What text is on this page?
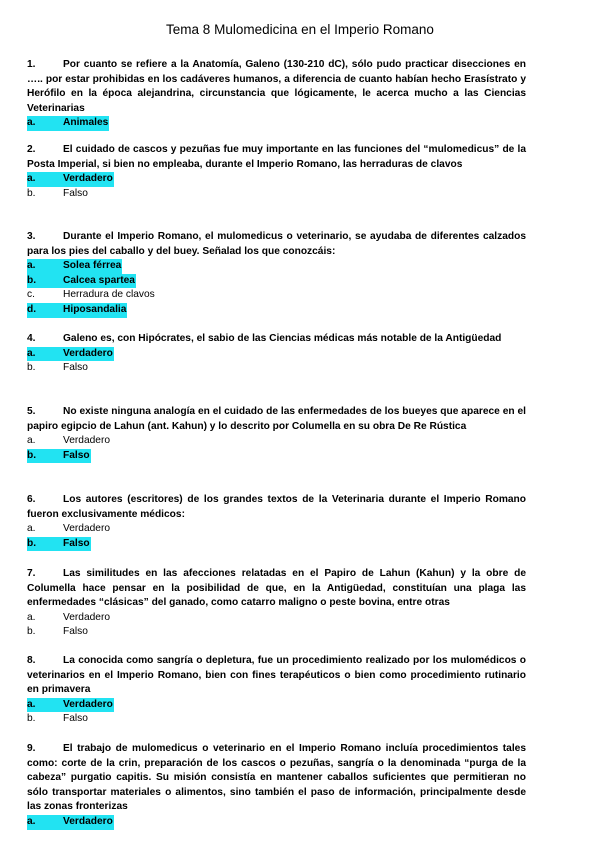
Tema 8 Mulomedicina en el Imperio Romano
1.	Por cuanto se refiere a la Anatomía, Galeno (130-210 dC), sólo pudo practicar disecciones en ….. por estar prohibidas en los cadáveres humanos, a diferencia de cuanto habían hecho Erasístrato y Herófilo en la época alejandrina, circunstancia que lógicamente, le acerca mucho a las Ciencias Veterinarias
a.	Animales
2.	El cuidado de cascos y pezuñas fue muy importante en las funciones del “mulomedicus” de la Posta Imperial, si bien no empleaba, durante el Imperio Romano, las herraduras de clavos
a.	Verdadero
b.	Falso
3.	Durante el Imperio Romano, el mulomedicus o veterinario, se ayudaba de diferentes calzados para los pies del caballo y del buey. Señalad los que conozcáis:
a.	Solea férrea
b.	Calcea spartea
c.	Herradura de clavos
d.	Hiposandalia
4.	Galeno es, con Hipócrates, el sabio de las Ciencias médicas más notable de la Antigüedad
a.	Verdadero
b.	Falso
5.	No existe ninguna analogía en el cuidado de las enfermedades de los bueyes que aparece en el papiro egipcio de Lahun (ant. Kahun) y lo descrito por Columella en su obra De Re Rústica
a.	Verdadero
b.	Falso
6.	Los autores (escritores) de los grandes textos de la Veterinaria durante el Imperio Romano fueron exclusivamente médicos:
a.	Verdadero
b.	Falso
7.	Las similitudes en las afecciones relatadas en el Papiro de Lahun (Kahun) y la obre de Columella hace pensar en la posibilidad de que, en la Antigüedad, constituían una plaga las enfermedades “clásicas” del ganado, como catarro maligno o peste bovina, entre otras
a.	Verdadero
b.	Falso
8.	La conocida como sangría o depletura, fue un procedimiento realizado por los mulomédicos o veterinarios en el Imperio Romano, bien con fines terapéuticos o bien como procedimiento rutinario en primavera
a.	Verdadero
b.	Falso
9.	El trabajo de mulomedicus o veterinario en el Imperio Romano incluía procedimientos tales como: corte de la crin, preparación de los cascos o pezuñas, sangría o la denominada “purga de la cabeza” purgatio capitis. Su misión consistía en mantener caballos suficientes que permitieran no sólo transportar materiales o alimentos, sino también el paso de información, principalmente desde las zonas fronterizas
a.	Verdadero
